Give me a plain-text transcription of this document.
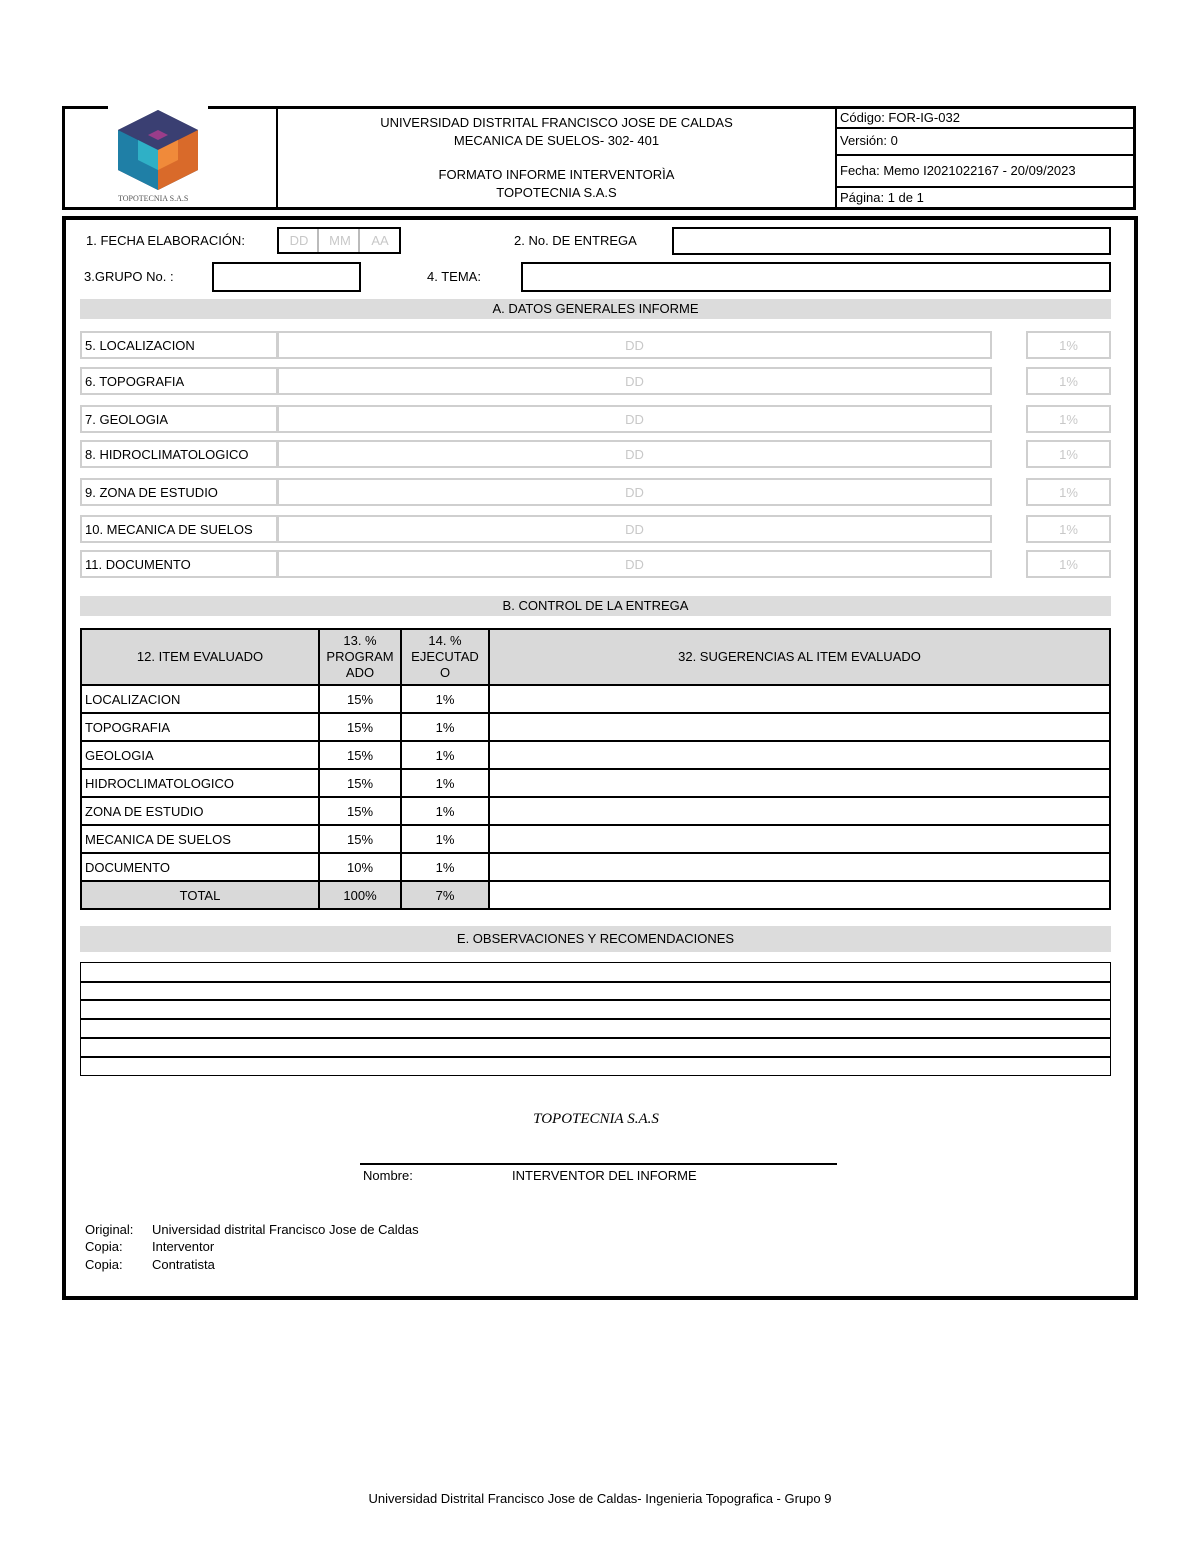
TOPOTECNIA S.A.S
UNIVERSIDAD DISTRITAL FRANCISCO JOSE DE CALDAS
MECANICA DE SUELOS- 302- 401
FORMATO INFORME INTERVENTORÌA
TOPOTECNIA S.A.S
Código: FOR-IG-032
Versión: 0
Fecha: Memo I2021022167 - 20/09/2023
Página: 1 de 1
1. FECHA ELABORACIÓN:	DD	MM	AA	2. No. DE ENTREGA
3.GRUPO No. :	4. TEMA:
A. DATOS GENERALES INFORME
5. LOCALIZACION	DD	1%
6. TOPOGRAFIA	DD	1%
7. GEOLOGIA	DD	1%
8. HIDROCLIMATOLOGICO	DD	1%
9. ZONA DE ESTUDIO	DD	1%
10. MECANICA DE SUELOS	DD	1%
11. DOCUMENTO	DD	1%
B. CONTROL DE LA ENTREGA
12. ITEM EVALUADO	13. % PROGRAM ADO	14. % EJECUTAD O	32. SUGERENCIAS AL ITEM EVALUADO
LOCALIZACION	15%	1%	
TOPOGRAFIA	15%	1%	
GEOLOGIA	15%	1%	
HIDROCLIMATOLOGICO	15%	1%	
ZONA DE ESTUDIO	15%	1%	
MECANICA DE SUELOS	15%	1%	
DOCUMENTO	10%	1%	
TOTAL	100%	7%	
E. OBSERVACIONES Y RECOMENDACIONES
TOPOTECNIA S.A.S
Nombre:	INTERVENTOR DEL INFORME
Original: Universidad distrital Francisco Jose de Caldas
Copia: Interventor
Copia: Contratista
Universidad Distrital Francisco Jose de Caldas- Ingenieria Topografica - Grupo 9
